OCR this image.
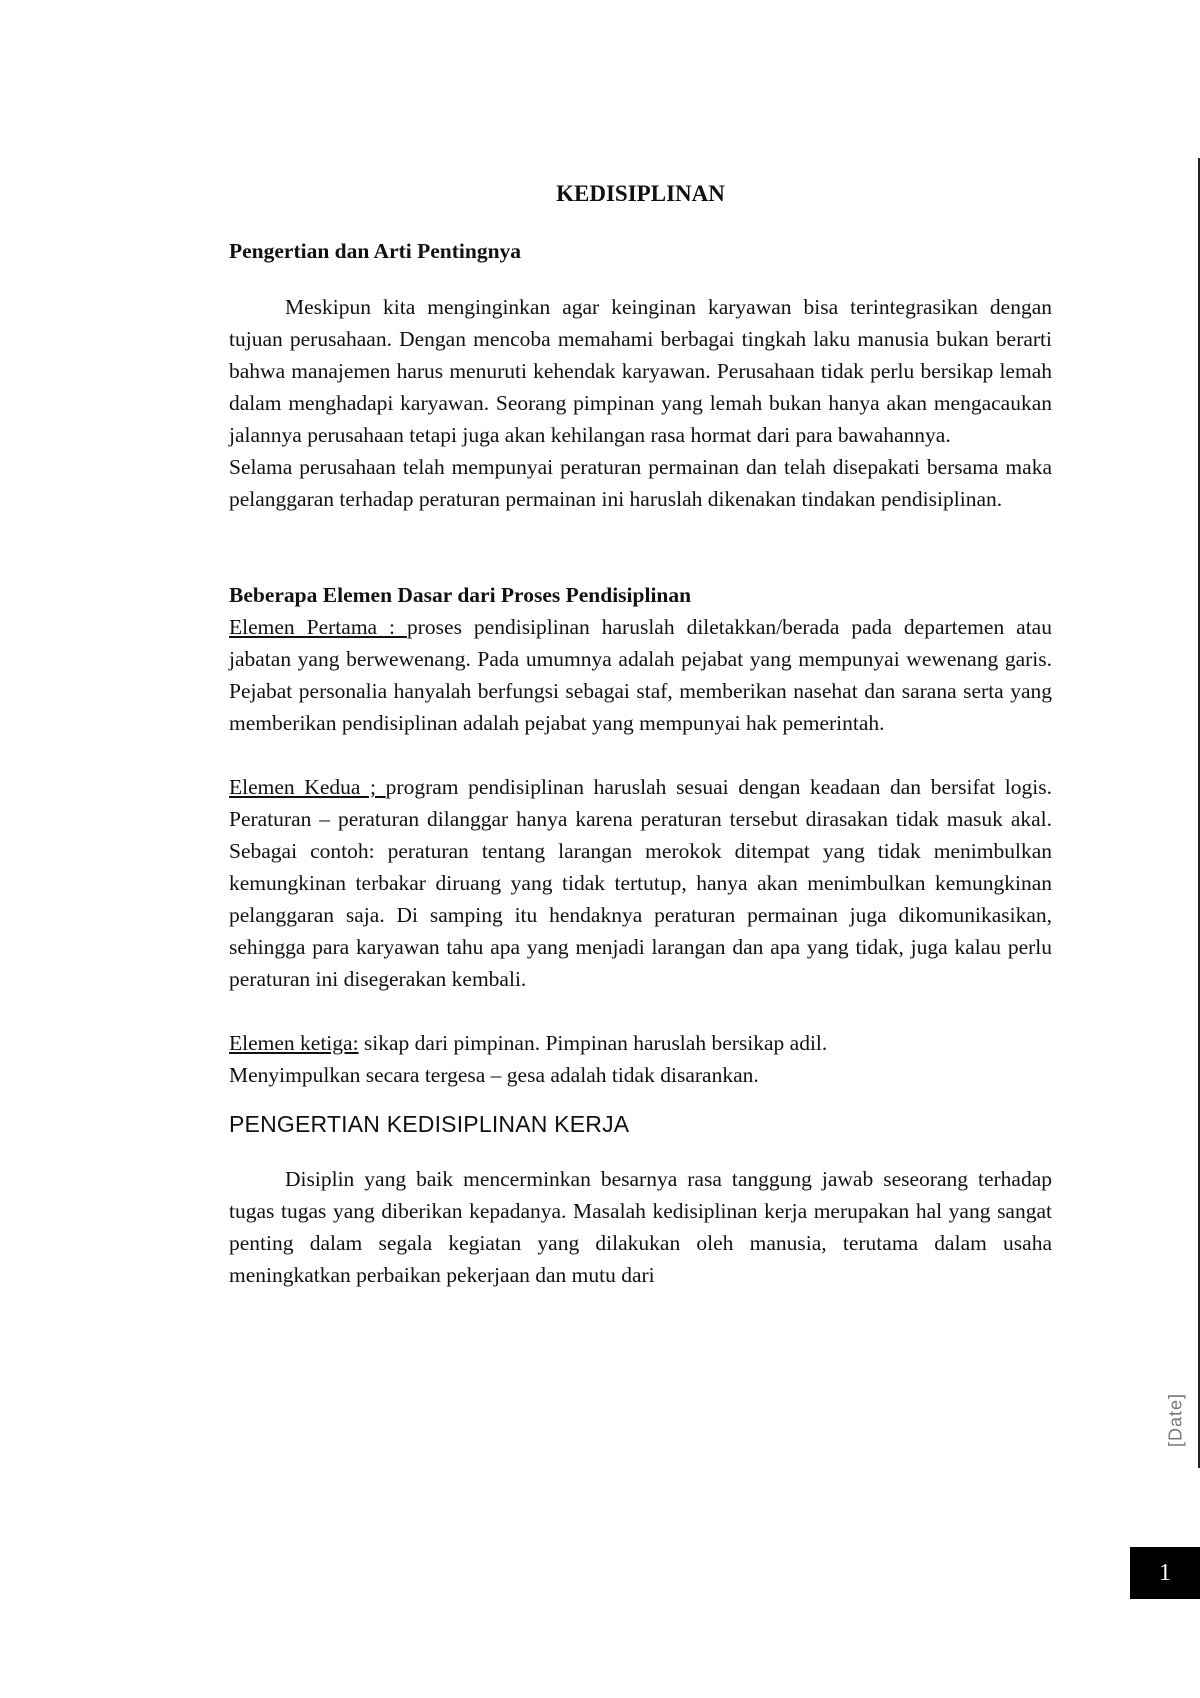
KEDISIPLINAN

Pengertian dan Arti Pentingnya

Meskipun kita menginginkan agar keinginan karyawan bisa terintegrasikan dengan tujuan perusahaan. Dengan mencoba memahami berbagai tingkah laku manusia bukan berarti bahwa manajemen harus menuruti kehendak karyawan. Perusahaan tidak perlu bersikap lemah dalam menghadapi karyawan. Seorang pimpinan yang lemah bukan hanya akan mengacaukan jalannya perusahaan tetapi juga akan kehilangan rasa hormat dari para bawahannya.

Selama perusahaan telah mempunyai peraturan permainan dan telah disepakati bersama maka pelanggaran terhadap peraturan permainan ini haruslah dikenakan tindakan pendisiplinan.

Beberapa Elemen Dasar dari Proses Pendisiplinan

Elemen Pertama : proses pendisiplinan haruslah diletakkan/berada pada departemen atau jabatan yang berwewenang. Pada umumnya adalah pejabat yang mempunyai wewenang garis. Pejabat personalia hanyalah berfungsi sebagai staf, memberikan nasehat dan sarana serta yang memberikan pendisiplinan adalah pejabat yang mempunyai hak pemerintah.

Elemen Kedua ; program pendisiplinan haruslah sesuai dengan keadaan dan bersifat logis. Peraturan – peraturan dilanggar hanya karena peraturan tersebut dirasakan tidak masuk akal. Sebagai contoh: peraturan tentang larangan merokok ditempat yang tidak menimbulkan kemungkinan terbakar diruang yang tidak tertutup, hanya akan menimbulkan kemungkinan pelanggaran saja. Di samping itu hendaknya peraturan permainan juga dikomunikasikan, sehingga para karyawan tahu apa yang menjadi larangan dan apa yang tidak, juga kalau perlu peraturan ini disegerakan kembali.

Elemen ketiga: sikap dari pimpinan. Pimpinan haruslah bersikap adil.

Menyimpulkan secara tergesa – gesa adalah tidak disarankan.

PENGERTIAN KEDISIPLINAN KERJA

Disiplin yang baik mencerminkan besarnya rasa tanggung jawab seseorang terhadap tugas tugas yang diberikan kepadanya. Masalah kedisiplinan kerja merupakan hal yang sangat penting dalam segala kegiatan yang dilakukan oleh manusia, terutama dalam usaha meningkatkan perbaikan pekerjaan dan mutu dari

[Date]
1
